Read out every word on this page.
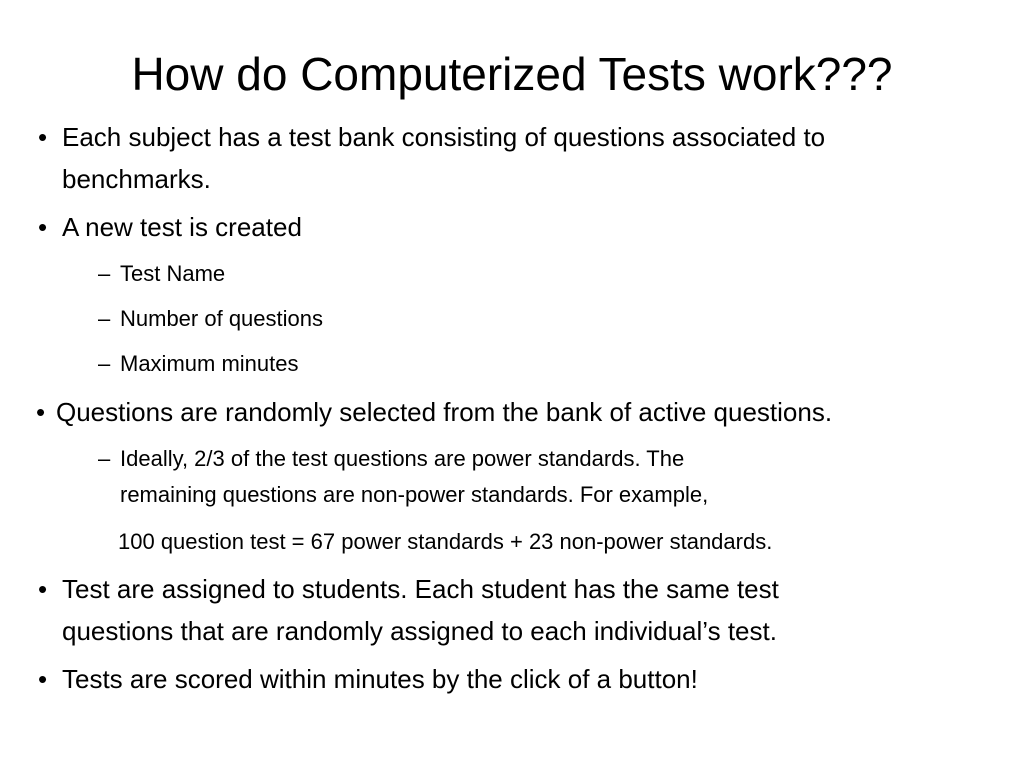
How do Computerized Tests work???
• Each subject has a test bank consisting of questions associated to
benchmarks.
• A new test is created
– Test Name
– Number of questions
– Maximum minutes
• Questions are randomly selected from the bank of active questions.
– Ideally, 2/3 of the test questions are power standards. The
remaining questions are non-power standards. For example,
100 question test = 67 power standards + 23 non-power standards.
• Test are assigned to students. Each student has the same test
questions that are randomly assigned to each individual’s test.
• Tests are scored within minutes by the click of a button!
